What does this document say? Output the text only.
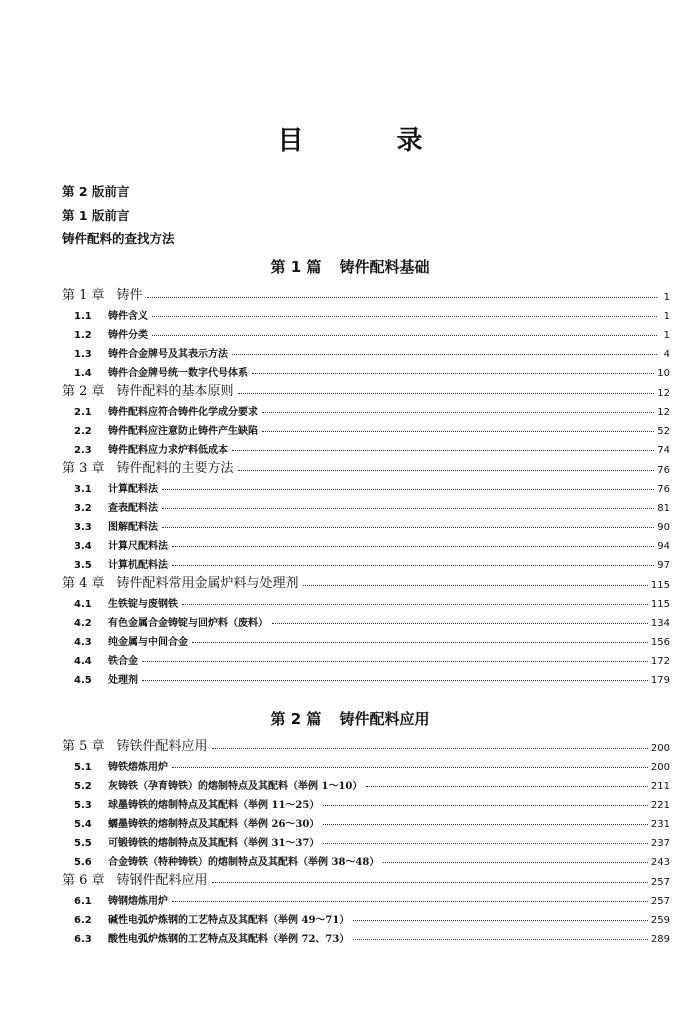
目 录
第 2 版前言
第 1 版前言
铸件配料的查找方法
第 1 篇 铸件配料基础
第 1 章 铸件	1
1.1	铸件含义	1
1.2	铸件分类	1
1.3	铸件合金牌号及其表示方法	4
1.4	铸件合金牌号统一数字代号体系	10
第 2 章 铸件配料的基本原则	12
2.1	铸件配料应符合铸件化学成分要求	12
2.2	铸件配料应注意防止铸件产生缺陷	52
2.3	铸件配料应力求炉料低成本	74
第 3 章 铸件配料的主要方法	76
3.1	计算配料法	76
3.2	查表配料法	81
3.3	图解配料法	90
3.4	计算尺配料法	94
3.5	计算机配料法	97
第 4 章 铸件配料常用金属炉料与处理剂	115
4.1	生铁锭与废钢铁	115
4.2	有色金属合金铸锭与回炉料（废料）	134
4.3	纯金属与中间合金	156
4.4	铁合金	172
4.5	处理剂	179
第 2 篇 铸件配料应用
第 5 章 铸铁件配料应用	200
5.1	铸铁熔炼用炉	200
5.2	灰铸铁（孕育铸铁）的熔制特点及其配料（举例 1～10）	211
5.3	球墨铸铁的熔制特点及其配料（举例 11～25）	221
5.4	蠕墨铸铁的熔制特点及其配料（举例 26～30）	231
5.5	可锻铸铁的熔制特点及其配料（举例 31～37）	237
5.6	合金铸铁（特种铸铁）的熔制特点及其配料（举例 38～48）	243
第 6 章 铸钢件配料应用	257
6.1	铸钢熔炼用炉	257
6.2	碱性电弧炉炼钢的工艺特点及其配料（举例 49～71）	259
6.3	酸性电弧炉炼钢的工艺特点及其配料（举例 72、73）	289
